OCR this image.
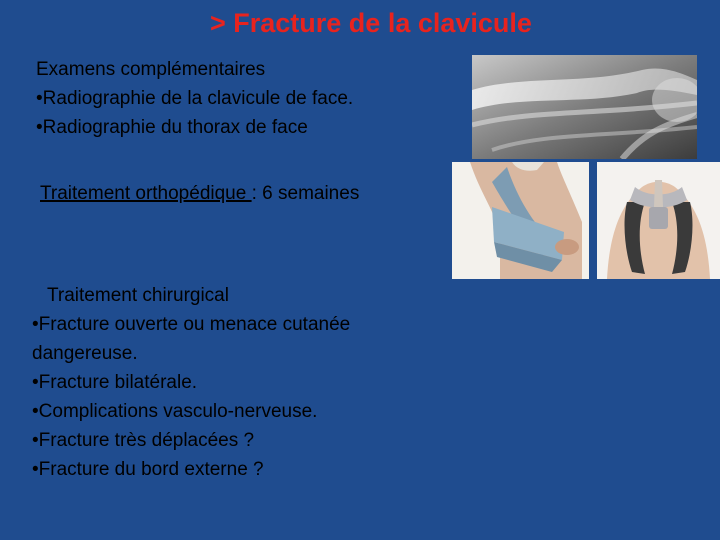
> Fracture de la clavicule
Examens complémentaires
•Radiographie de la clavicule de face.
•Radiographie du thorax de face
Traitement orthopédique : 6 semaines
Traitement chirurgical
•Fracture ouverte ou menace cutanée dangereuse.
•Fracture bilatérale.
•Complications vasculo-nerveuse.
•Fracture très déplacées ?
•Fracture du bord externe ?
